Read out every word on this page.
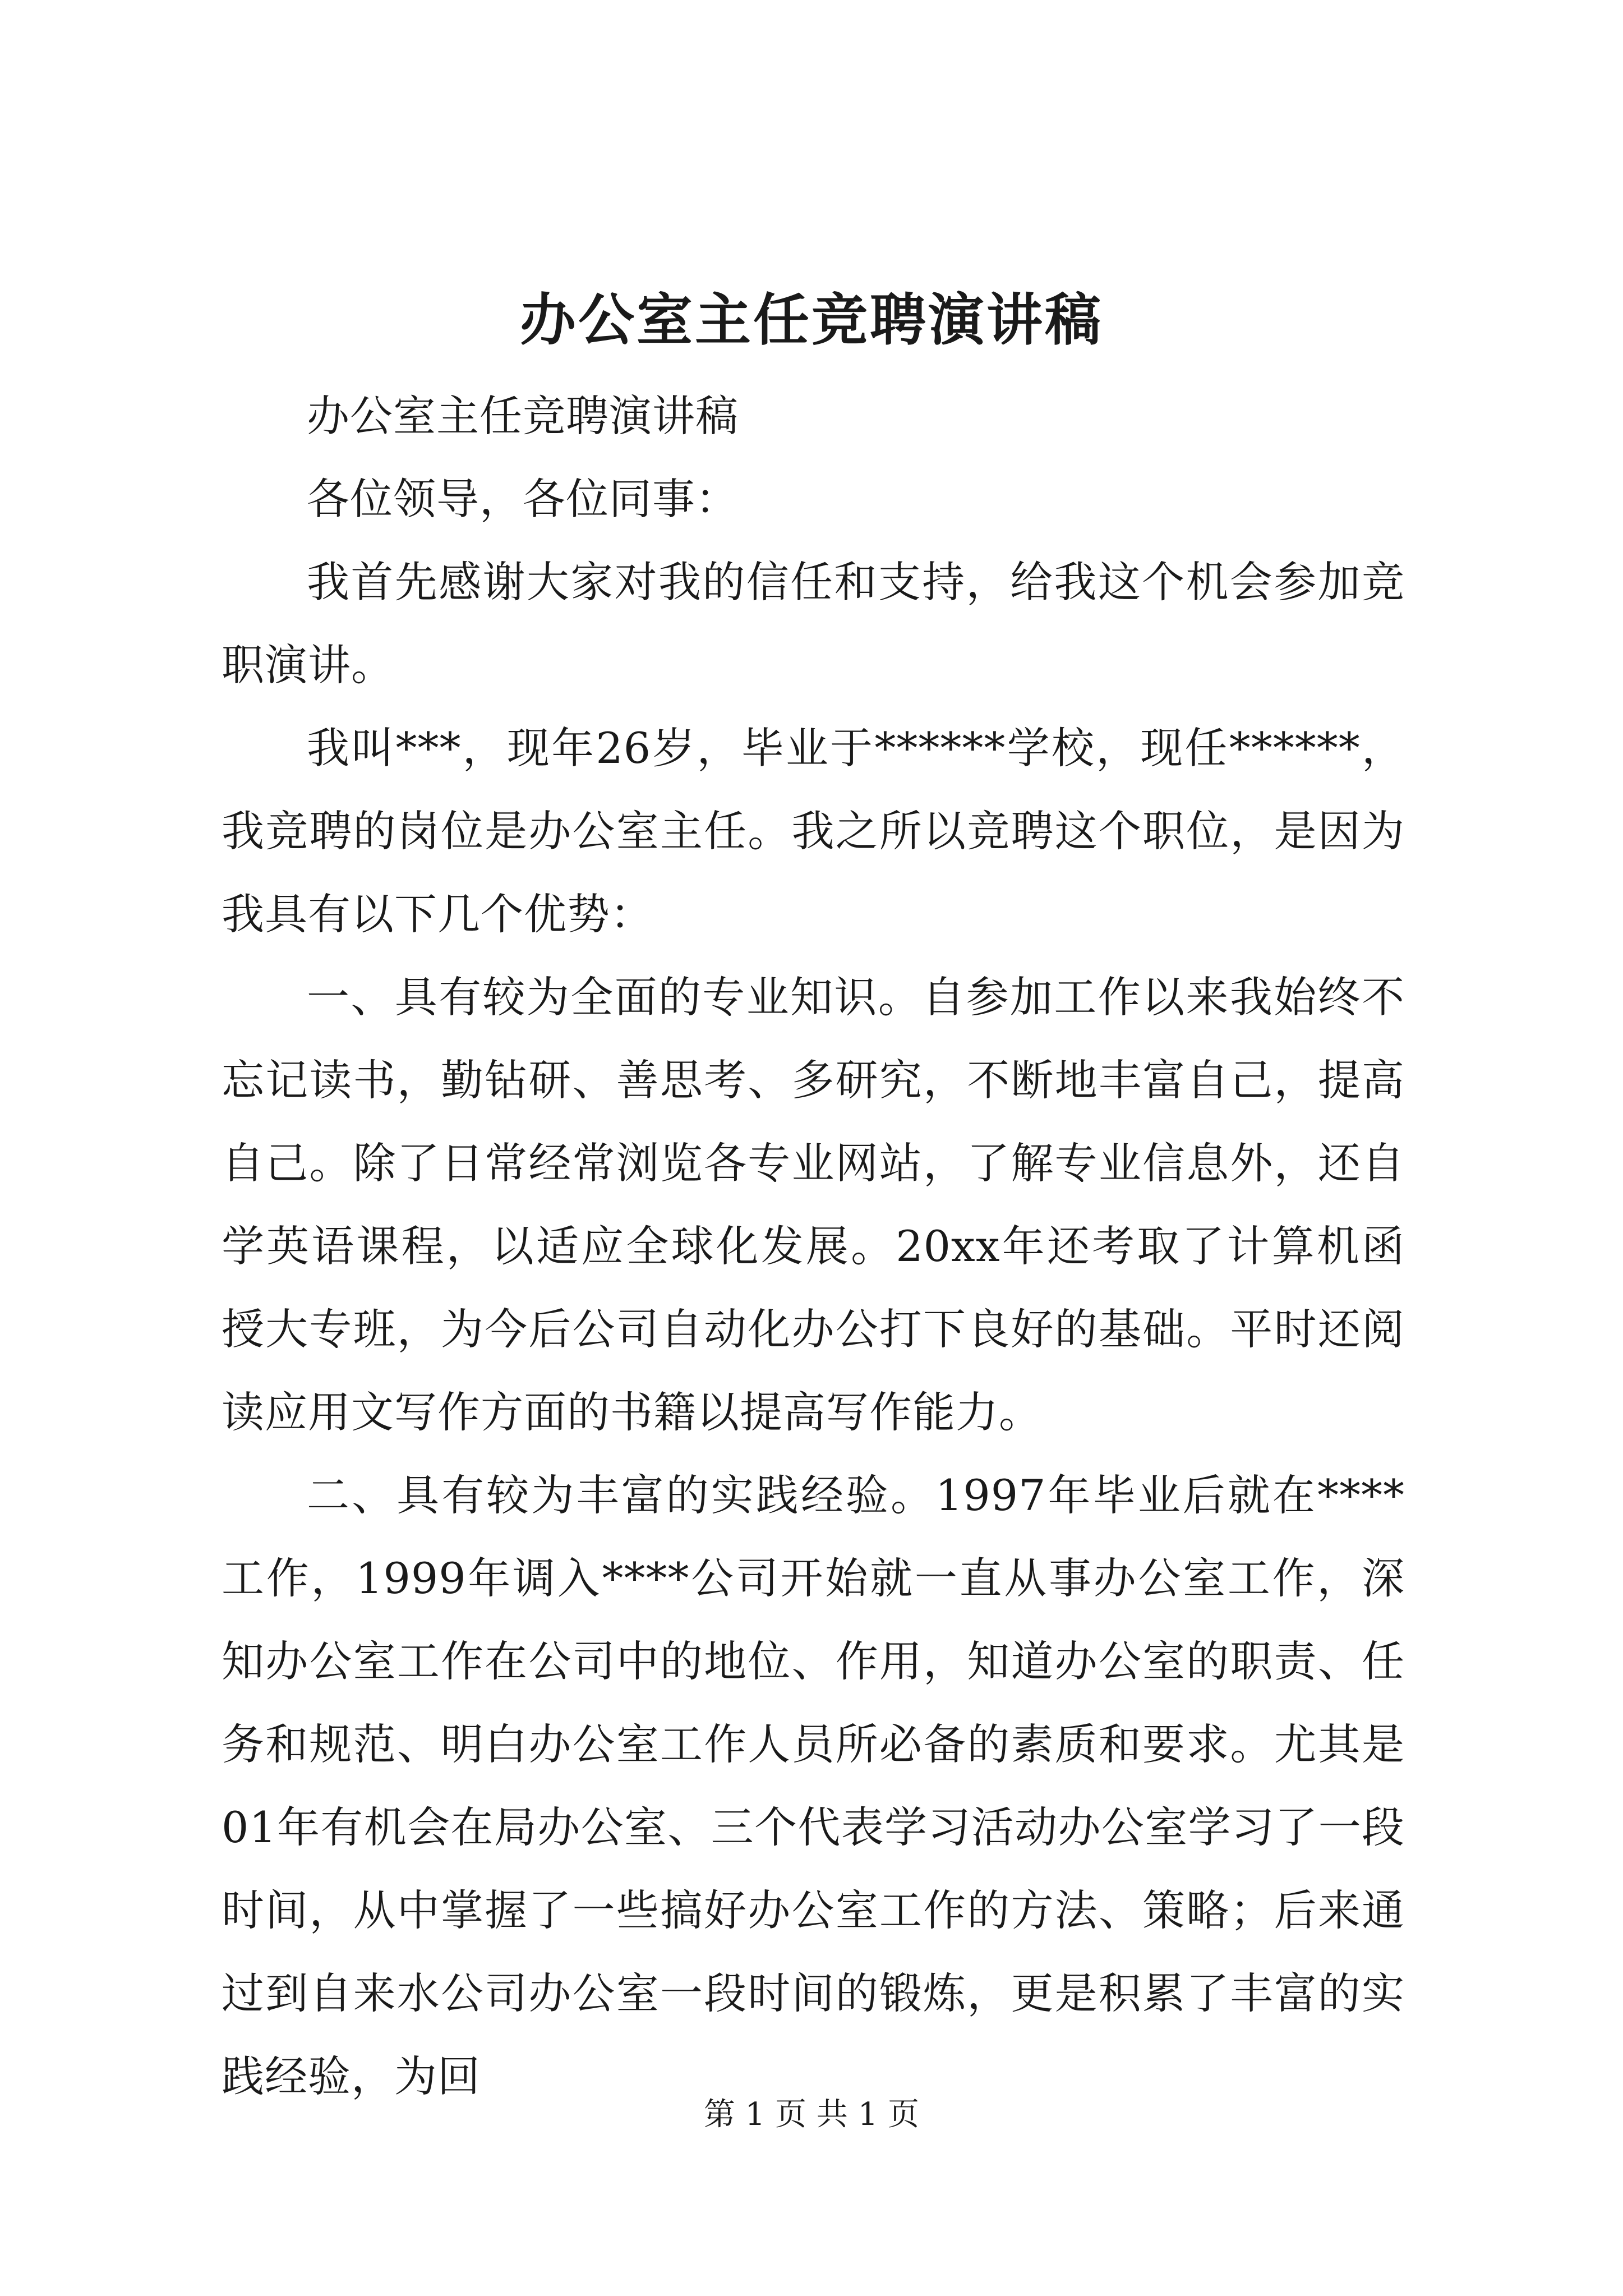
办公室主任竞聘演讲稿

办公室主任竞聘演讲稿

各位领导，各位同事：

我首先感谢大家对我的信任和支持，给我这个机会参加竞职演讲。

我叫***，现年26岁，毕业于******学校，现任******，我竞聘的岗位是办公室主任。我之所以竞聘这个职位，是因为我具有以下几个优势：

一、具有较为全面的专业知识。自参加工作以来我始终不忘记读书，勤钻研、善思考、多研究，不断地丰富自己，提高自己。除了日常经常浏览各专业网站，了解专业信息外，还自学英语课程，以适应全球化发展。20xx年还考取了计算机函授大专班，为今后公司自动化办公打下良好的基础。平时还阅读应用文写作方面的书籍以提高写作能力。

二、具有较为丰富的实践经验。1997年毕业后就在****工作，1999年调入****公司开始就一直从事办公室工作，深知办公室工作在公司中的地位、作用，知道办公室的职责、任务和规范、明白办公室工作人员所必备的素质和要求。尤其是01年有机会在局办公室、三个代表学习活动办公室学习了一段时间，从中掌握了一些搞好办公室工作的方法、策略；后来通过到自来水公司办公室一段时间的锻炼，更是积累了丰富的实践经验，为回

第 1 页 共 1 页
